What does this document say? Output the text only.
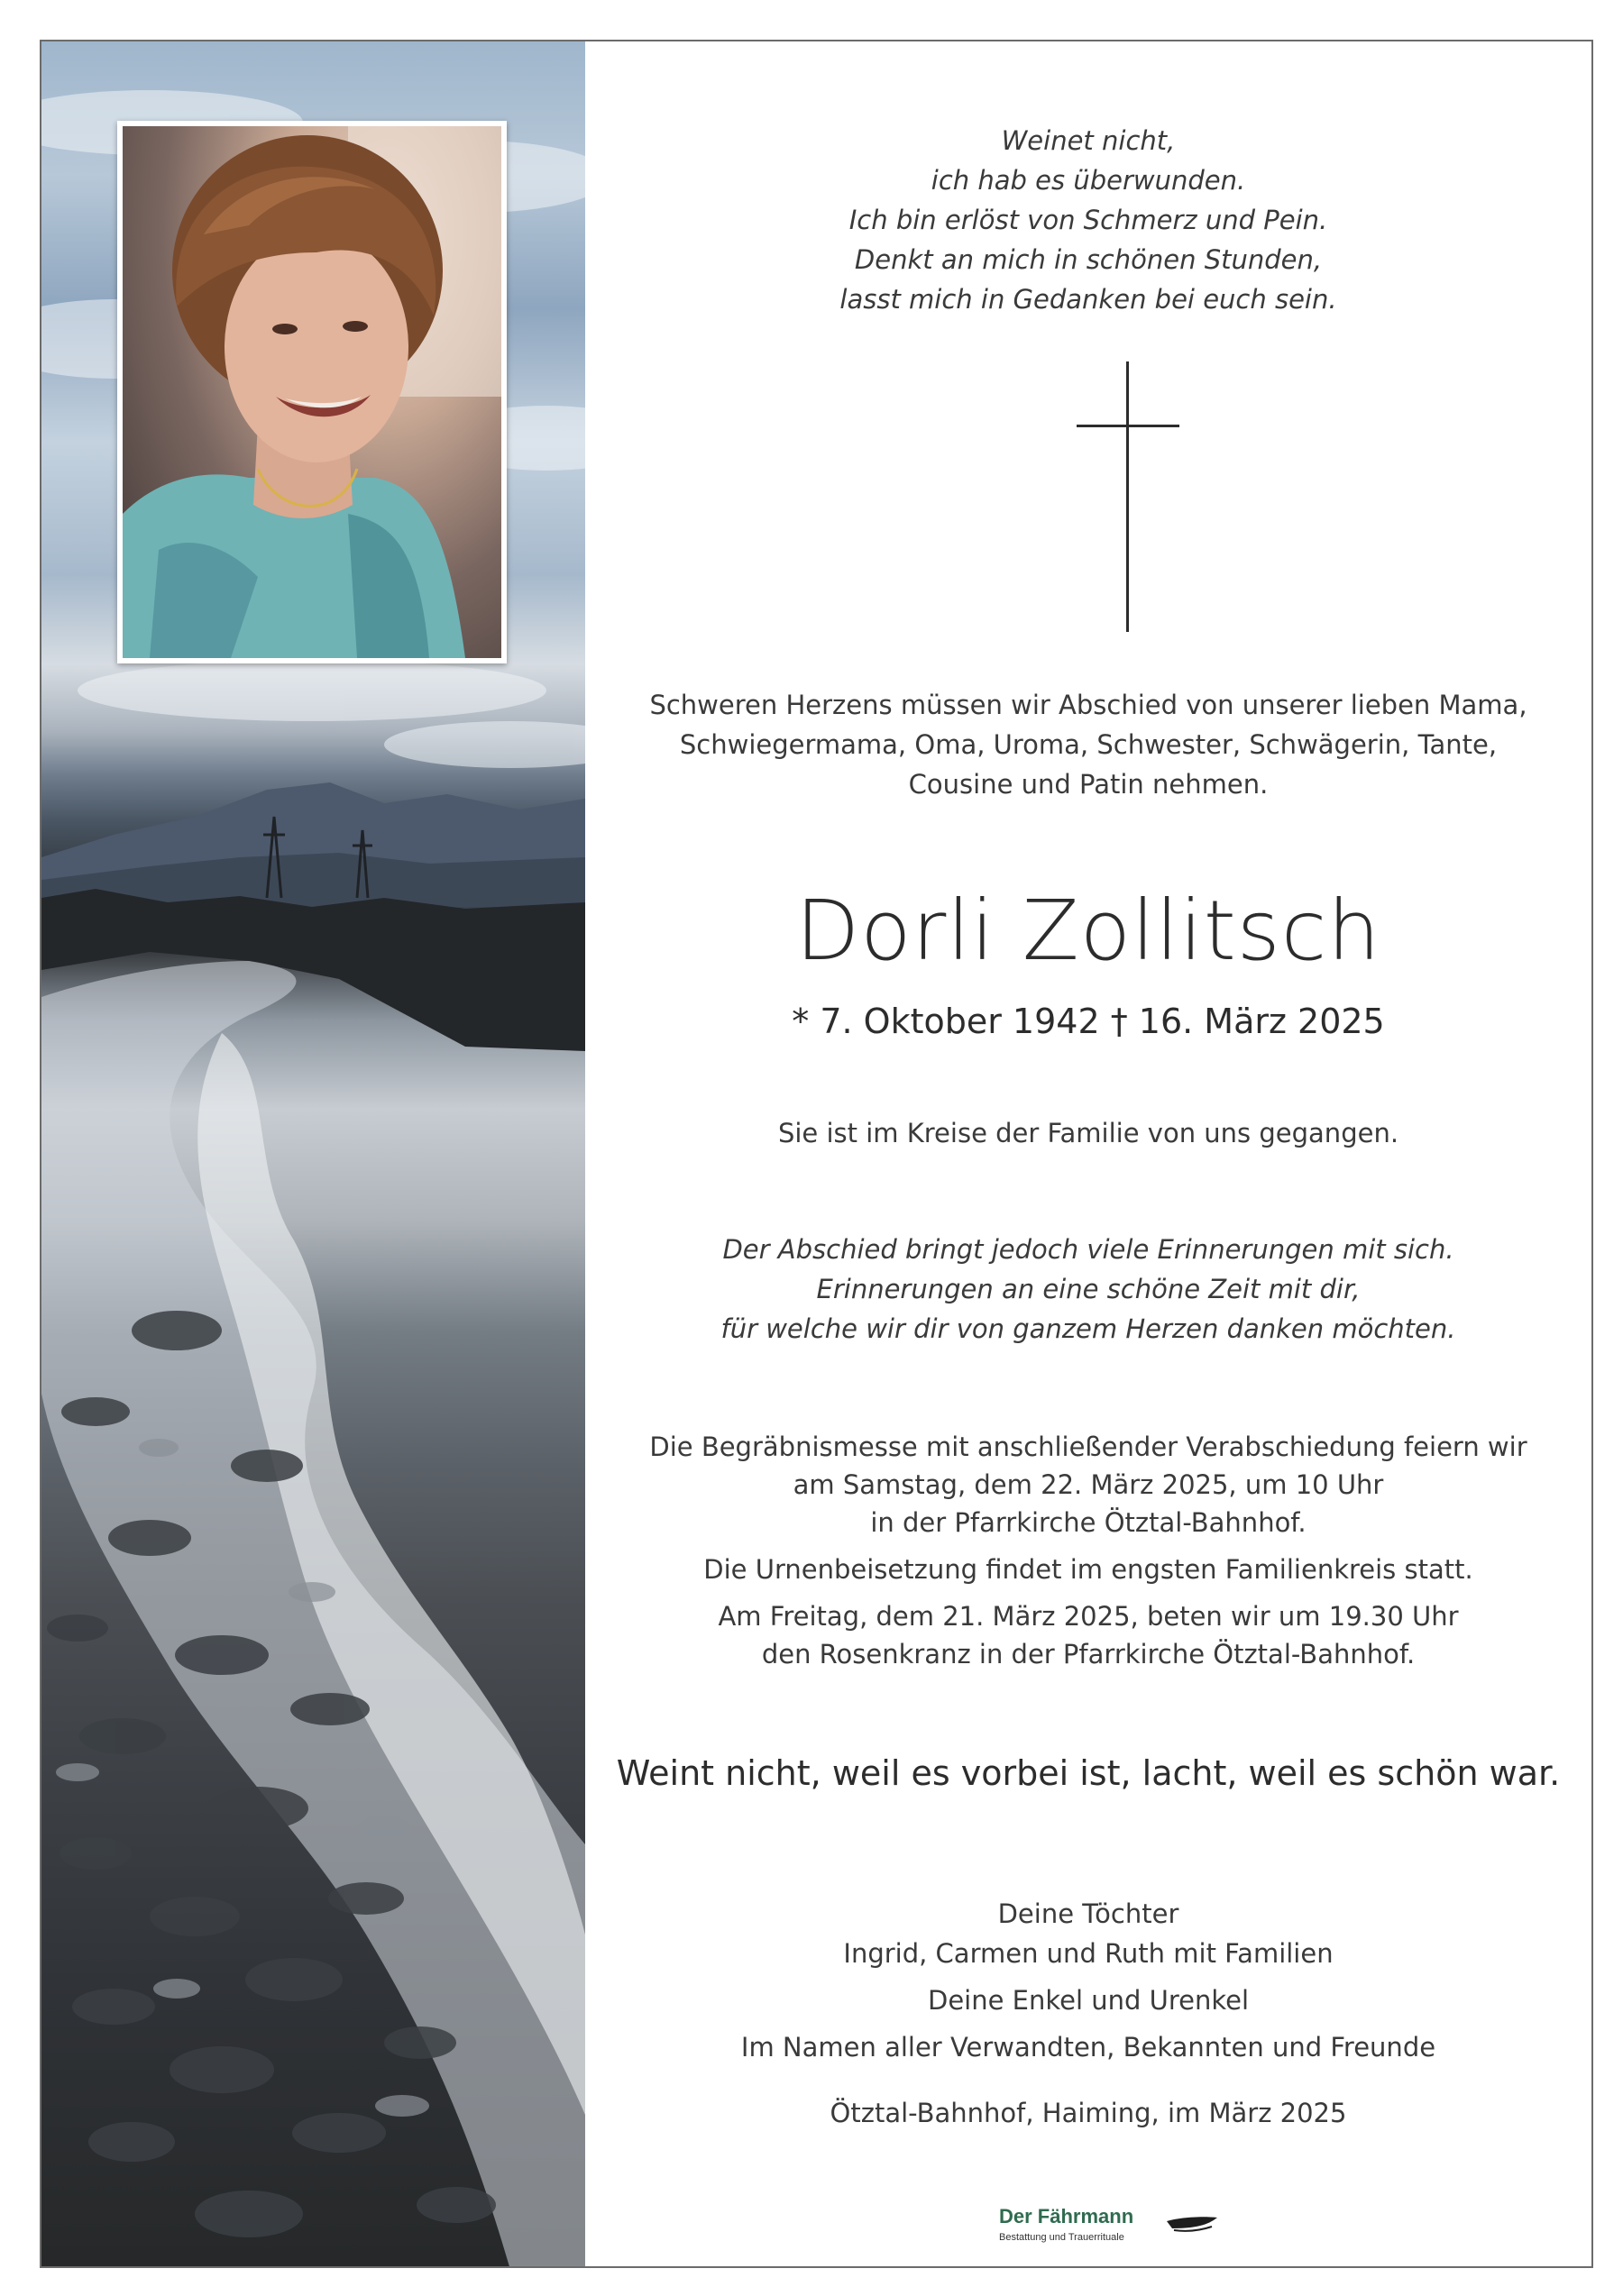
Weinet nicht,
ich hab es überwunden.
Ich bin erlöst von Schmerz und Pein.
Denkt an mich in schönen Stunden,
lasst mich in Gedanken bei euch sein.
Schweren Herzens müssen wir Abschied von unserer lieben Mama,
Schwiegermama, Oma, Uroma, Schwester, Schwägerin, Tante,
Cousine und Patin nehmen.
Dorli Zollitsch
* 7. Oktober 1942 † 16. März 2025
Sie ist im Kreise der Familie von uns gegangen.
Der Abschied bringt jedoch viele Erinnerungen mit sich.
Erinnerungen an eine schöne Zeit mit dir,
für welche wir dir von ganzem Herzen danken möchten.
Die Begräbnismesse mit anschließender Verabschiedung feiern wir
am Samstag, dem 22. März 2025, um 10 Uhr
in der Pfarrkirche Ötztal-Bahnhof.
Die Urnenbeisetzung findet im engsten Familienkreis statt.
Am Freitag, dem 21. März 2025, beten wir um 19.30 Uhr
den Rosenkranz in der Pfarrkirche Ötztal-Bahnhof.
Weint nicht, weil es vorbei ist, lacht, weil es schön war.
Deine Töchter
Ingrid, Carmen und Ruth mit Familien
Deine Enkel und Urenkel
Im Namen aller Verwandten, Bekannten und Freunde
Ötztal-Bahnhof, Haiming, im März 2025
Der Fährmann
Bestattung und Trauerrituale
